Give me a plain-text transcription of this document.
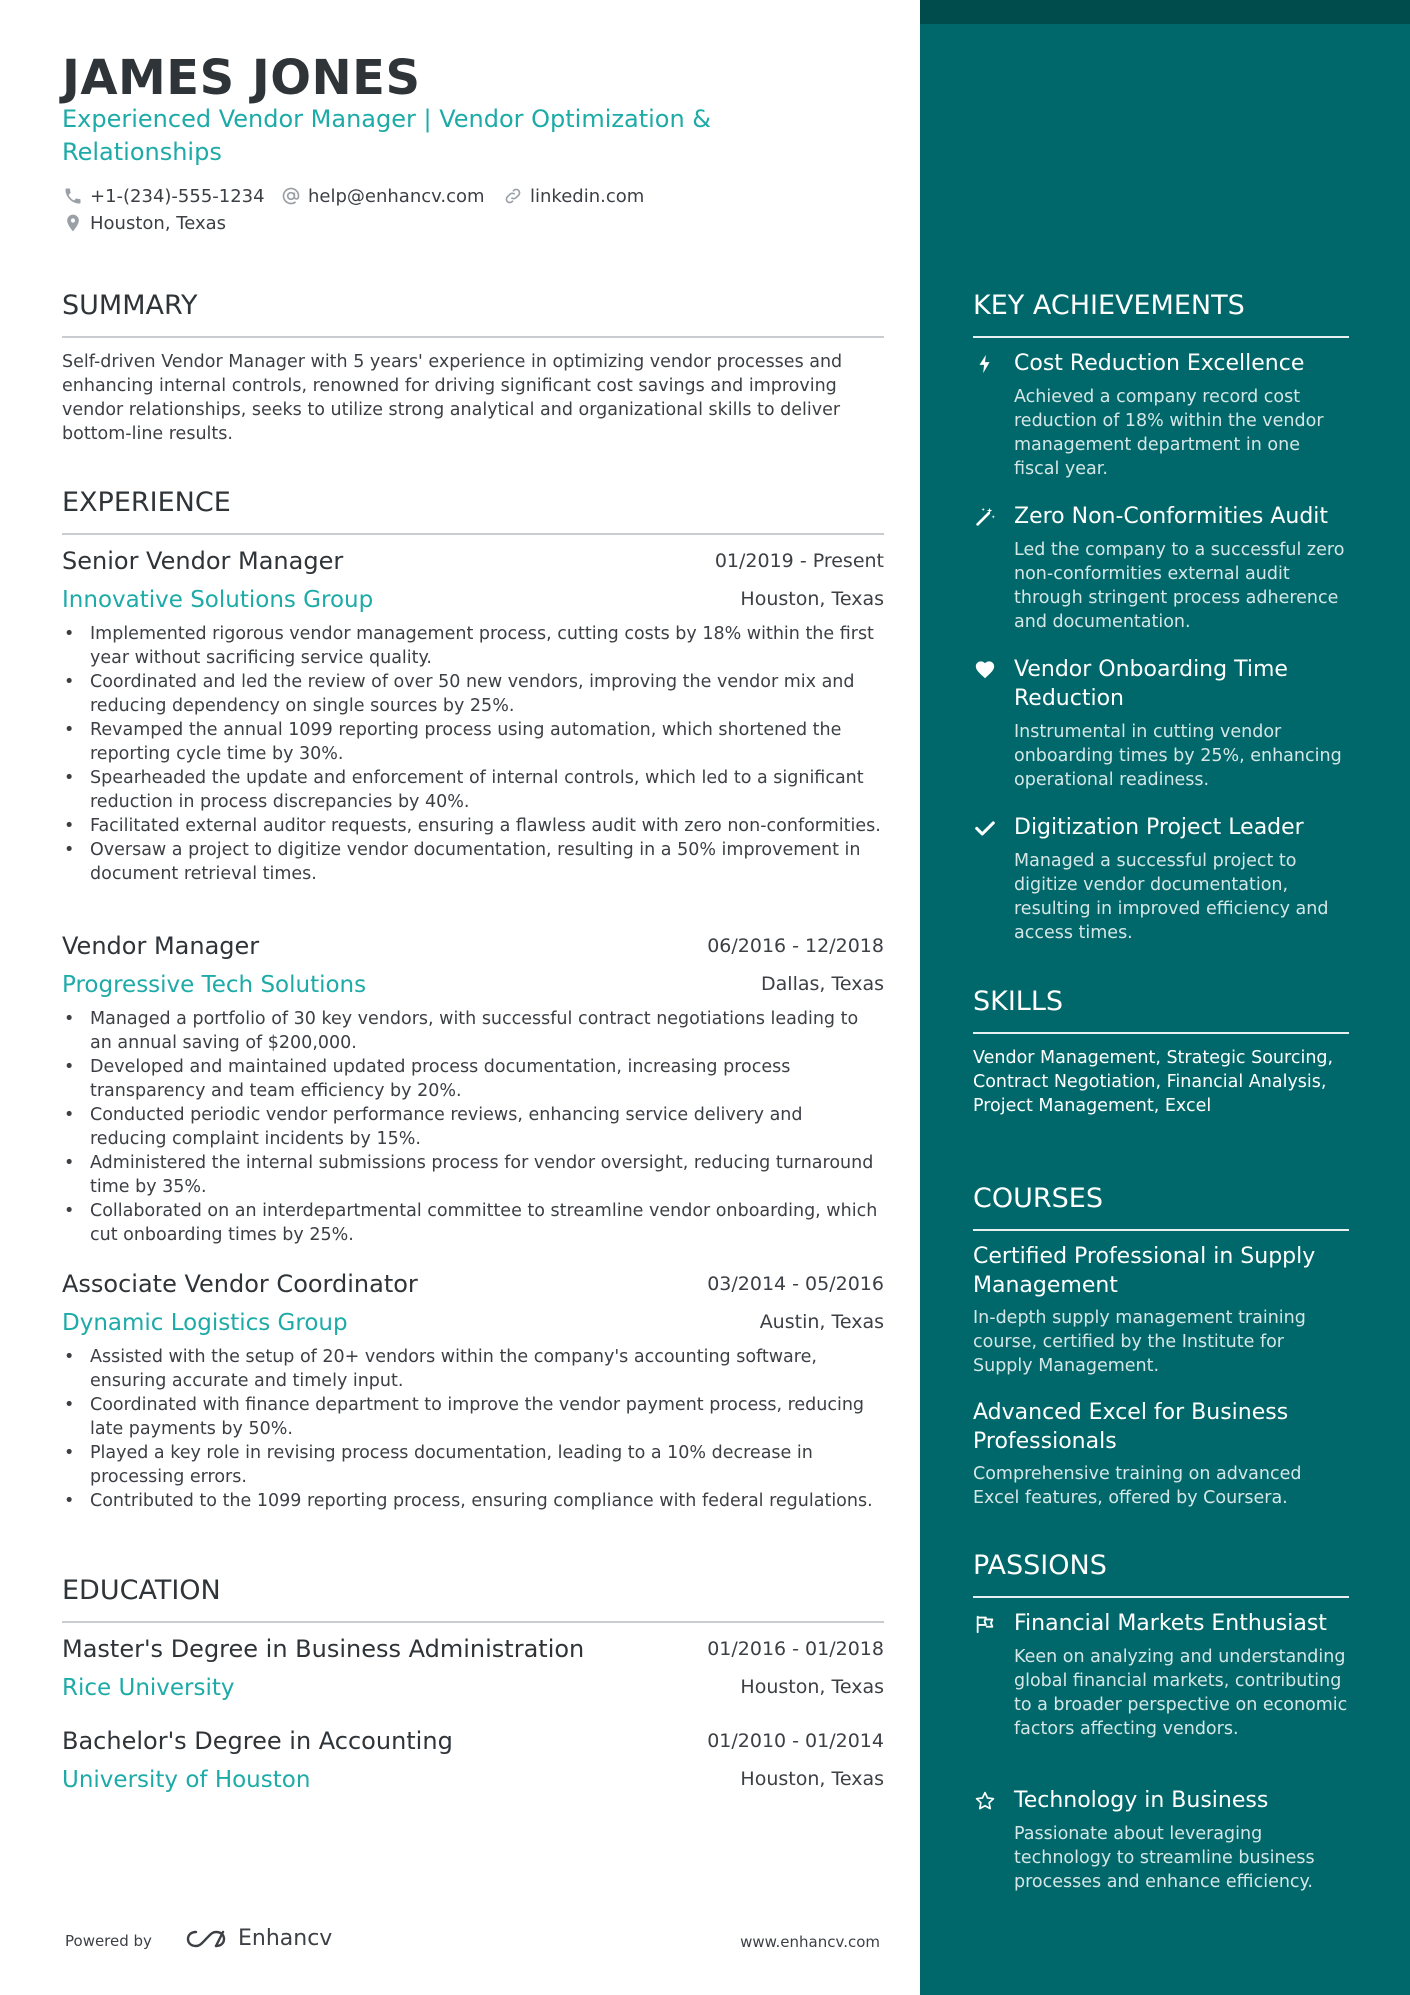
JAMES JONES
Experienced Vendor Manager | Vendor Optimization & Relationships
+1-(234)-555-1234 help@enhancv.com	linkedin.com
Houston, Texas
SUMMARY
Self-driven Vendor Manager with 5 years' experience in optimizing vendor processes and enhancing internal controls, renowned for driving significant cost savings and improving vendor relationships, seeks to utilize strong analytical and organizational skills to deliver bottom-line results.
EXPERIENCE
Senior Vendor Manager	01/2019 - Present
Innovative Solutions Group	Houston, Texas
• Implemented rigorous vendor management process, cutting costs by 18% within the first year without sacrificing service quality.
• Coordinated and led the review of over 50 new vendors, improving the vendor mix and reducing dependency on single sources by 25%.
• Revamped the annual 1099 reporting process using automation, which shortened the reporting cycle time by 30%.
• Spearheaded the update and enforcement of internal controls, which led to a significant reduction in process discrepancies by 40%.
• Facilitated external auditor requests, ensuring a flawless audit with zero non-conformities.
• Oversaw a project to digitize vendor documentation, resulting in a 50% improvement in document retrieval times.
Vendor Manager	06/2016 - 12/2018
Progressive Tech Solutions	Dallas, Texas
• Managed a portfolio of 30 key vendors, with successful contract negotiations leading to an annual saving of $200,000.
• Developed and maintained updated process documentation, increasing process transparency and team efficiency by 20%.
• Conducted periodic vendor performance reviews, enhancing service delivery and reducing complaint incidents by 15%.
• Administered the internal submissions process for vendor oversight, reducing turnaround time by 35%.
• Collaborated on an interdepartmental committee to streamline vendor onboarding, which cut onboarding times by 25%.
Associate Vendor Coordinator	03/2014 - 05/2016
Dynamic Logistics Group	Austin, Texas
• Assisted with the setup of 20+ vendors within the company's accounting software, ensuring accurate and timely input.
• Coordinated with finance department to improve the vendor payment process, reducing late payments by 50%.
• Played a key role in revising process documentation, leading to a 10% decrease in processing errors.
• Contributed to the 1099 reporting process, ensuring compliance with federal regulations.
EDUCATION
Master's Degree in Business Administration	01/2016 - 01/2018
Rice University	Houston, Texas
Bachelor's Degree in Accounting	01/2010 - 01/2014
University of Houston	Houston, Texas
Powered by	Enhancv	www.enhancv.com
KEY ACHIEVEMENTS
Cost Reduction Excellence
Achieved a company record cost reduction of 18% within the vendor management department in one fiscal year.
Zero Non-Conformities Audit
Led the company to a successful zero non-conformities external audit through stringent process adherence and documentation.
Vendor Onboarding Time Reduction
Instrumental in cutting vendor onboarding times by 25%, enhancing operational readiness.
Digitization Project Leader
Managed a successful project to digitize vendor documentation, resulting in improved efficiency and access times.
SKILLS
Vendor Management, Strategic Sourcing, Contract Negotiation, Financial Analysis, Project Management, Excel
COURSES
Certified Professional in Supply Management
In-depth supply management training course, certified by the Institute for Supply Management.
Advanced Excel for Business Professionals
Comprehensive training on advanced Excel features, offered by Coursera.
PASSIONS
Financial Markets Enthusiast
Keen on analyzing and understanding global financial markets, contributing to a broader perspective on economic factors affecting vendors.
Technology in Business
Passionate about leveraging technology to streamline business processes and enhance efficiency.
